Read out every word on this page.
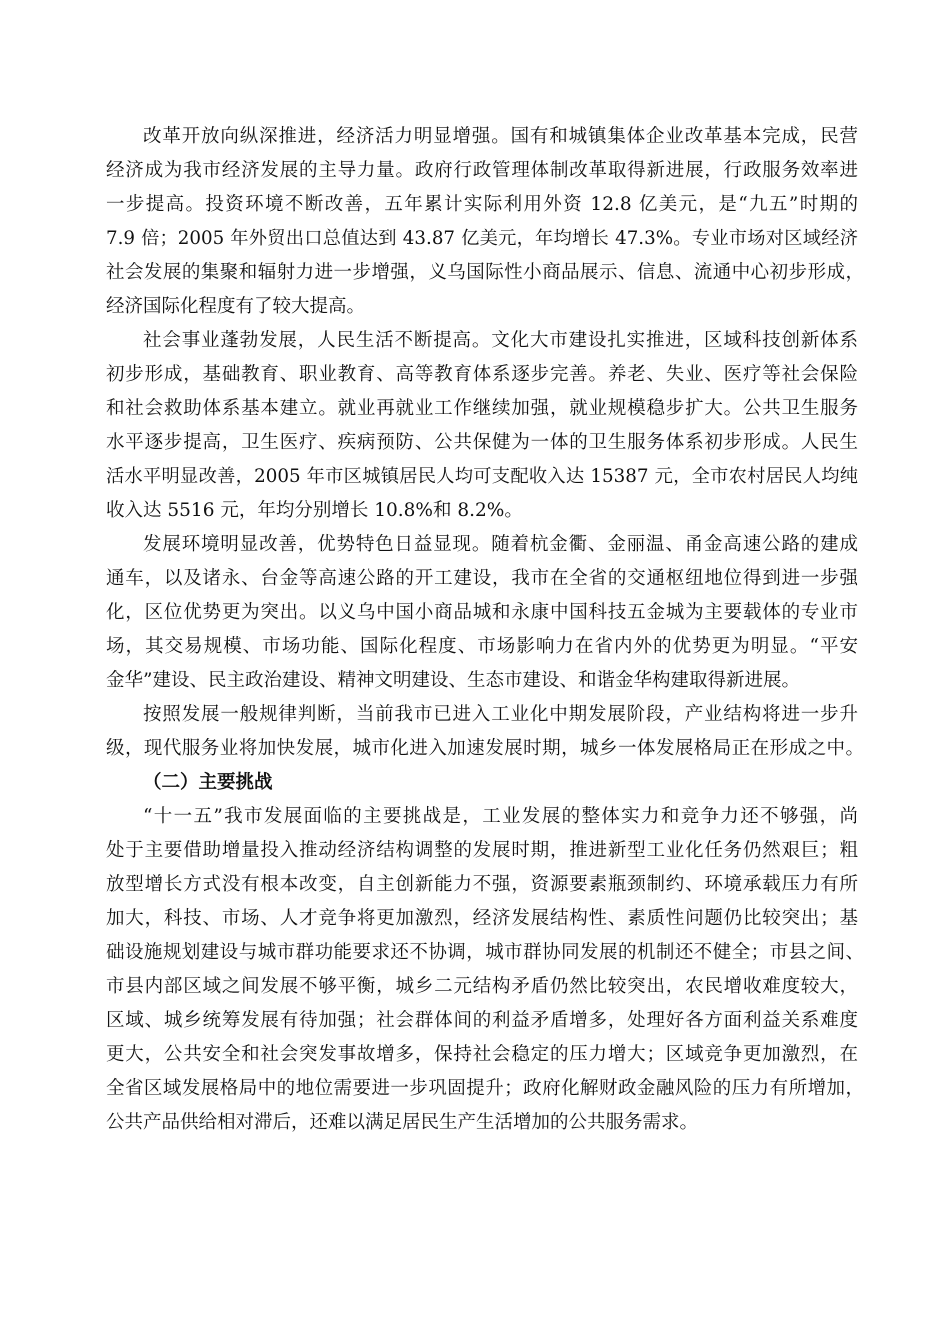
改革开放向纵深推进，经济活力明显增强。国有和城镇集体企业改革基本完成，民营
经济成为我市经济发展的主导力量。政府行政管理体制改革取得新进展，行政服务效率进
一步提高。投资环境不断改善，五年累计实际利用外资 12.8 亿美元，是“九五”时期的
7.9 倍；2005 年外贸出口总值达到 43.87 亿美元，年均增长 47.3%。专业市场对区域经济
社会发展的集聚和辐射力进一步增强，义乌国际性小商品展示、信息、流通中心初步形成，
经济国际化程度有了较大提高。
社会事业蓬勃发展，人民生活不断提高。文化大市建设扎实推进，区域科技创新体系
初步形成，基础教育、职业教育、高等教育体系逐步完善。养老、失业、医疗等社会保险
和社会救助体系基本建立。就业再就业工作继续加强，就业规模稳步扩大。公共卫生服务
水平逐步提高，卫生医疗、疾病预防、公共保健为一体的卫生服务体系初步形成。人民生
活水平明显改善，2005 年市区城镇居民人均可支配收入达 15387 元，全市农村居民人均纯
收入达 5516 元，年均分别增长 10.8%和 8.2%。
发展环境明显改善，优势特色日益显现。随着杭金衢、金丽温、甬金高速公路的建成
通车，以及诸永、台金等高速公路的开工建设，我市在全省的交通枢纽地位得到进一步强
化，区位优势更为突出。以义乌中国小商品城和永康中国科技五金城为主要载体的专业市
场，其交易规模、市场功能、国际化程度、市场影响力在省内外的优势更为明显。“平安
金华”建设、民主政治建设、精神文明建设、生态市建设、和谐金华构建取得新进展。
按照发展一般规律判断，当前我市已进入工业化中期发展阶段，产业结构将进一步升
级，现代服务业将加快发展，城市化进入加速发展时期，城乡一体发展格局正在形成之中。
（二）主要挑战
“十一五”我市发展面临的主要挑战是，工业发展的整体实力和竞争力还不够强，尚
处于主要借助增量投入推动经济结构调整的发展时期，推进新型工业化任务仍然艰巨；粗
放型增长方式没有根本改变，自主创新能力不强，资源要素瓶颈制约、环境承载压力有所
加大，科技、市场、人才竞争将更加激烈，经济发展结构性、素质性问题仍比较突出；基
础设施规划建设与城市群功能要求还不协调，城市群协同发展的机制还不健全；市县之间、
市县内部区域之间发展不够平衡，城乡二元结构矛盾仍然比较突出，农民增收难度较大，
区域、城乡统筹发展有待加强；社会群体间的利益矛盾增多，处理好各方面利益关系难度
更大，公共安全和社会突发事故增多，保持社会稳定的压力增大；区域竞争更加激烈，在
全省区域发展格局中的地位需要进一步巩固提升；政府化解财政金融风险的压力有所增加，
公共产品供给相对滞后，还难以满足居民生产生活增加的公共服务需求。
